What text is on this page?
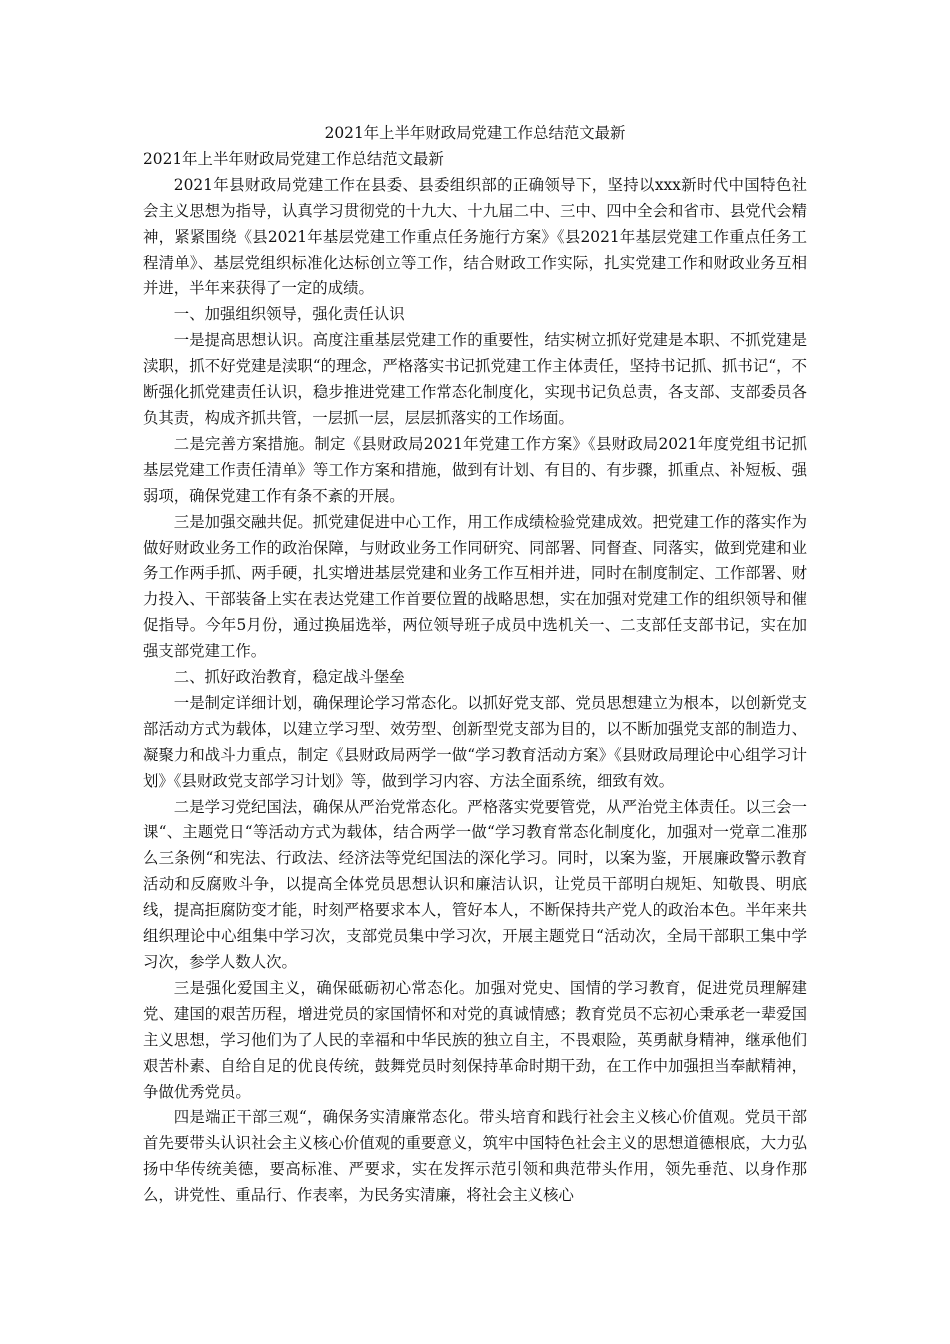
2021年上半年财政局党建工作总结范文最新

2021年上半年财政局党建工作总结范文最新

2021年县财政局党建工作在县委、县委组织部的正确领导下，坚持以xxx新时代中国特色社会主义思想为指导，认真学习贯彻党的十九大、十九届二中、三中、四中全会和省市、县党代会精神，紧紧围绕《县2021年基层党建工作重点任务施行方案》《县2021年基层党建工作重点任务工程清单》、基层党组织标准化达标创立等工作，结合财政工作实际，扎实党建工作和财政业务互相并进，半年来获得了一定的成绩。

一、加强组织领导，强化责任认识

一是提高思想认识。高度注重基层党建工作的重要性，结实树立抓好党建是本职、不抓党建是渎职，抓不好党建是渎职“的理念，严格落实书记抓党建工作主体责任，坚持书记抓、抓书记“，不断强化抓党建责任认识，稳步推进党建工作常态化制度化，实现书记负总责，各支部、支部委员各负其责，构成齐抓共管，一层抓一层，层层抓落实的工作场面。

二是完善方案措施。制定《县财政局2021年党建工作方案》《县财政局2021年度党组书记抓基层党建工作责任清单》等工作方案和措施，做到有计划、有目的、有步骤，抓重点、补短板、强弱项，确保党建工作有条不紊的开展。

三是加强交融共促。抓党建促进中心工作，用工作成绩检验党建成效。把党建工作的落实作为做好财政业务工作的政治保障，与财政业务工作同研究、同部署、同督查、同落实，做到党建和业务工作两手抓、两手硬，扎实增进基层党建和业务工作互相并进，同时在制度制定、工作部署、财力投入、干部装备上实在表达党建工作首要位置的战略思想，实在加强对党建工作的组织领导和催促指导。今年5月份，通过换届选举，两位领导班子成员中选机关一、二支部任支部书记，实在加强支部党建工作。

二、抓好政治教育，稳定战斗堡垒

一是制定详细计划，确保理论学习常态化。以抓好党支部、党员思想建立为根本，以创新党支部活动方式为载体，以建立学习型、效劳型、创新型党支部为目的，以不断加强党支部的制造力、凝聚力和战斗力重点，制定《县财政局两学一做“学习教育活动方案》《县财政局理论中心组学习计划》《县财政党支部学习计划》等，做到学习内容、方法全面系统，细致有效。

二是学习党纪国法，确保从严治党常态化。严格落实党要管党，从严治党主体责任。以三会一课“、主题党日“等活动方式为载体，结合两学一做“学习教育常态化制度化，加强对一党章二准那么三条例“和宪法、行政法、经济法等党纪国法的深化学习。同时，以案为鉴，开展廉政警示教育活动和反腐败斗争，以提高全体党员思想认识和廉洁认识，让党员干部明白规矩、知敬畏、明底线，提高拒腐防变才能，时刻严格要求本人，管好本人，不断保持共产党人的政治本色。半年来共组织理论中心组集中学习次，支部党员集中学习次，开展主题党日“活动次，全局干部职工集中学习次，参学人数人次。

三是强化爱国主义，确保砥砺初心常态化。加强对党史、国情的学习教育，促进党员理解建党、建国的艰苦历程，增进党员的家国情怀和对党的真诚情感；教育党员不忘初心秉承老一辈爱国主义思想，学习他们为了人民的幸福和中华民族的独立自主，不畏艰险，英勇献身精神，继承他们艰苦朴素、自给自足的优良传统，鼓舞党员时刻保持革命时期干劲，在工作中加强担当奉献精神，争做优秀党员。

四是端正干部三观“，确保务实清廉常态化。带头培育和践行社会主义核心价值观。党员干部首先要带头认识社会主义核心价值观的重要意义，筑牢中国特色社会主义的思想道德根底，大力弘扬中华传统美德，要高标准、严要求，实在发挥示范引领和典范带头作用，领先垂范、以身作那么，讲党性、重品行、作表率，为民务实清廉，将社会主义核心
